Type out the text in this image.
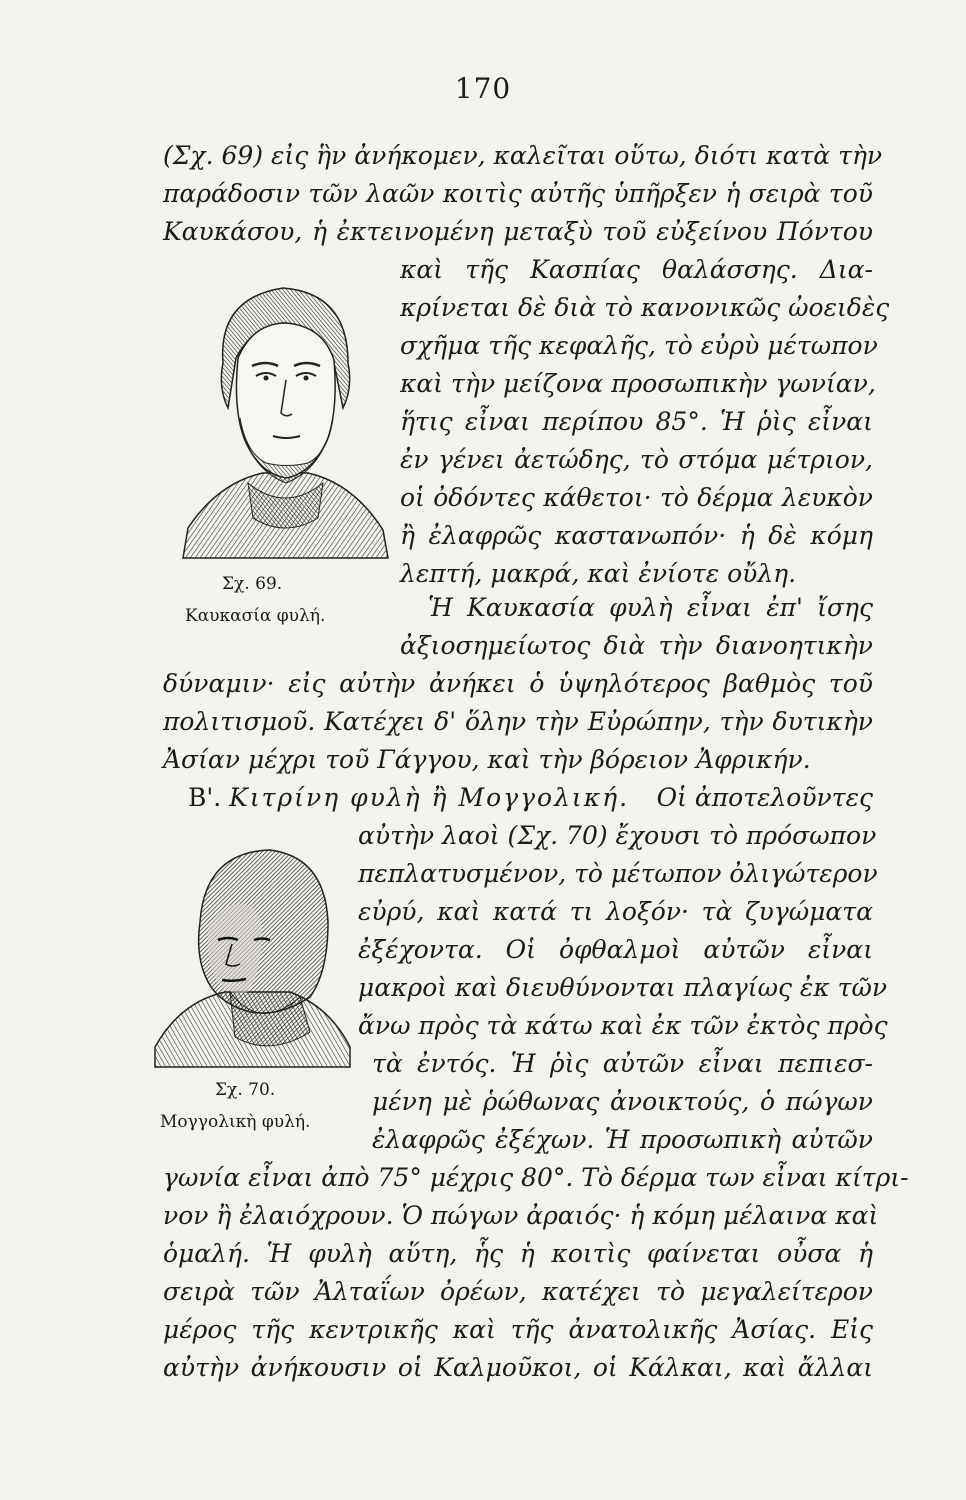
170
(Σχ. 69) εἰς ἣν ἀνήκομεν, καλεῖται οὕτω, διότι κατὰ τὴν
παράδοσιν τῶν λαῶν κοιτὶς αὐτῆς ὑπῆρξεν ἡ σειρὰ τοῦ
Καυκάσου, ἡ ἐκτεινομένη μεταξὺ τοῦ εὐξείνου Πόντου
καὶ τῆς Κασπίας θαλάσσης. Δια-
κρίνεται δὲ διὰ τὸ κανονικῶς ὠοειδὲς
σχῆμα τῆς κεφαλῆς, τὸ εὐρὺ μέτωπον
καὶ τὴν μείζονα προσωπικὴν γωνίαν,
ἥτις εἶναι περίπου 85°. Ἡ ῥὶς εἶναι
ἐν γένει ἀετώδης, τὸ στόμα μέτριον,
οἱ ὀδόντες κάθετοι· τὸ δέρμα λευκὸν
ἢ ἐλαφρῶς καστανωπόν· ἡ δὲ κόμη
λεπτή, μακρά, καὶ ἐνίοτε οὔλη.
Σχ. 69.
Καυκασία φυλή.	Ἡ Καυκασία φυλὴ εἶναι ἐπ' ἴσης
ἀξιοσημείωτος διὰ τὴν διανοητικὴν
δύναμιν· εἰς αὐτὴν ἀνήκει ὁ ὑψηλότερος βαθμὸς τοῦ
πολιτισμοῦ. Κατέχει δ' ὅλην τὴν Εὐρώπην, τὴν δυτικὴν
Ἀσίαν μέχρι τοῦ Γάγγου, καὶ τὴν βόρειον Ἀφρικήν.
Β'. Κιτρίνη φυλὴ ἢ Μογγολική. Οἱ ἀποτελοῦντες
αὐτὴν λαοὶ (Σχ. 70) ἔχουσι τὸ πρόσωπον
πεπλατυσμένον, τὸ μέτωπον ὀλιγώτερον
εὐρύ, καὶ κατά τι λοξόν· τὰ ζυγώματα
ἐξέχοντα. Οἱ ὀφθαλμοὶ αὐτῶν εἶναι
μακροὶ καὶ διευθύνονται πλαγίως ἐκ τῶν
ἄνω πρὸς τὰ κάτω καὶ ἐκ τῶν ἐκτὸς πρὸς
τὰ ἐντός. Ἡ ῥὶς αὐτῶν εἶναι πεπιεσ-
μένη μὲ ῥώθωνας ἀνοικτούς, ὁ πώγων
ἐλαφρῶς ἐξέχων. Ἡ προσωπικὴ αὐτῶν
γωνία εἶναι ἀπὸ 75° μέχρις 80°. Τὸ δέρμα των εἶναι κίτρι-
νον ἢ ἐλαιόχρουν. Ὁ πώγων ἀραιός· ἡ κόμη μέλαινα καὶ
ὁμαλή. Ἡ φυλὴ αὕτη, ἧς ἡ κοιτὶς φαίνεται οὖσα ἡ
σειρὰ τῶν Ἀλταΐων ὀρέων, κατέχει τὸ μεγαλείτερον
μέρος τῆς κεντρικῆς καὶ τῆς ἀνατολικῆς Ἀσίας. Εἰς
αὐτὴν ἀνήκουσιν οἱ Καλμοῦκοι, οἱ Κάλκαι, καὶ ἄλλαι
Σχ. 70.
Μογγολικὴ φυλή.
